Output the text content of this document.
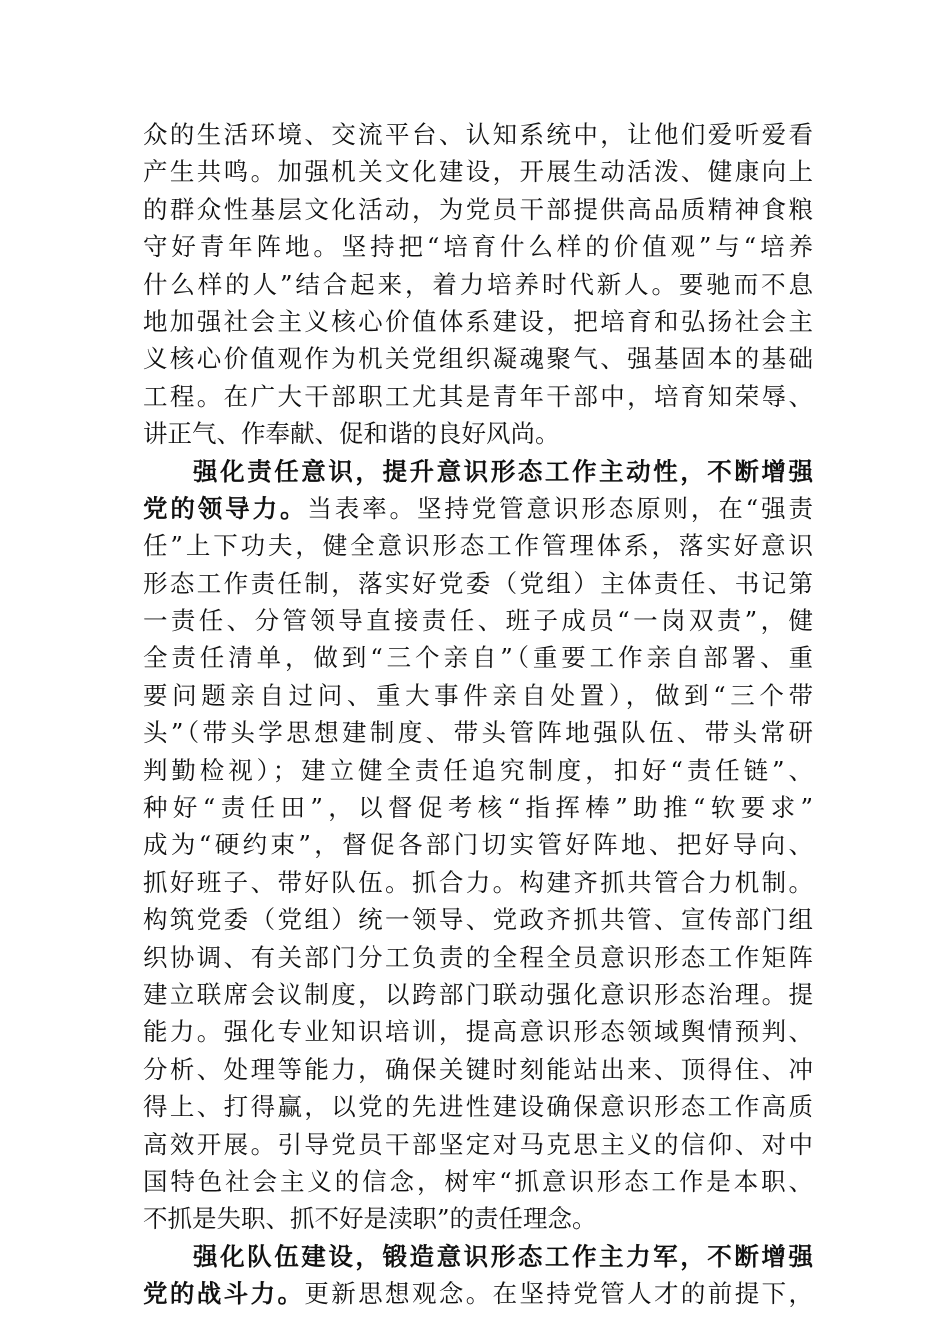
众的生活环境、交流平台、认知系统中，让他们爱听爱看
产生共鸣。加强机关文化建设，开展生动活泼、健康向上
的群众性基层文化活动，为党员干部提供高品质精神食粮
守好青年阵地。坚持把“培育什么样的价值观”与“培养
什么样的人”结合起来，着力培养时代新人。要驰而不息
地加强社会主义核心价值体系建设，把培育和弘扬社会主
义核心价值观作为机关党组织凝魂聚气、强基固本的基础
工程。在广大干部职工尤其是青年干部中，培育知荣辱、
讲正气、作奉献、促和谐的良好风尚。
强化责任意识，提升意识形态工作主动性，不断增强
党的领导力。当表率。坚持党管意识形态原则，在“强责
任”上下功夫，健全意识形态工作管理体系，落实好意识
形态工作责任制，落实好党委（党组）主体责任、书记第
一责任、分管领导直接责任、班子成员“一岗双责”，健
全责任清单，做到“三个亲自”（重要工作亲自部署、重
要问题亲自过问、重大事件亲自处置），做到“三个带
头”（带头学思想建制度、带头管阵地强队伍、带头常研
判勤检视）；建立健全责任追究制度，扣好“责任链”、
种好“责任田”，以督促考核“指挥棒”助推“软要求”
成为“硬约束”，督促各部门切实管好阵地、把好导向、
抓好班子、带好队伍。抓合力。构建齐抓共管合力机制。
构筑党委（党组）统一领导、党政齐抓共管、宣传部门组
织协调、有关部门分工负责的全程全员意识形态工作矩阵
建立联席会议制度，以跨部门联动强化意识形态治理。提
能力。强化专业知识培训，提高意识形态领域舆情预判、
分析、处理等能力，确保关键时刻能站出来、顶得住、冲
得上、打得赢，以党的先进性建设确保意识形态工作高质
高效开展。引导党员干部坚定对马克思主义的信仰、对中
国特色社会主义的信念，树牢“抓意识形态工作是本职、
不抓是失职、抓不好是渎职”的责任理念。
强化队伍建设，锻造意识形态工作主力军，不断增强
党的战斗力。更新思想观念。在坚持党管人才的前提下，
